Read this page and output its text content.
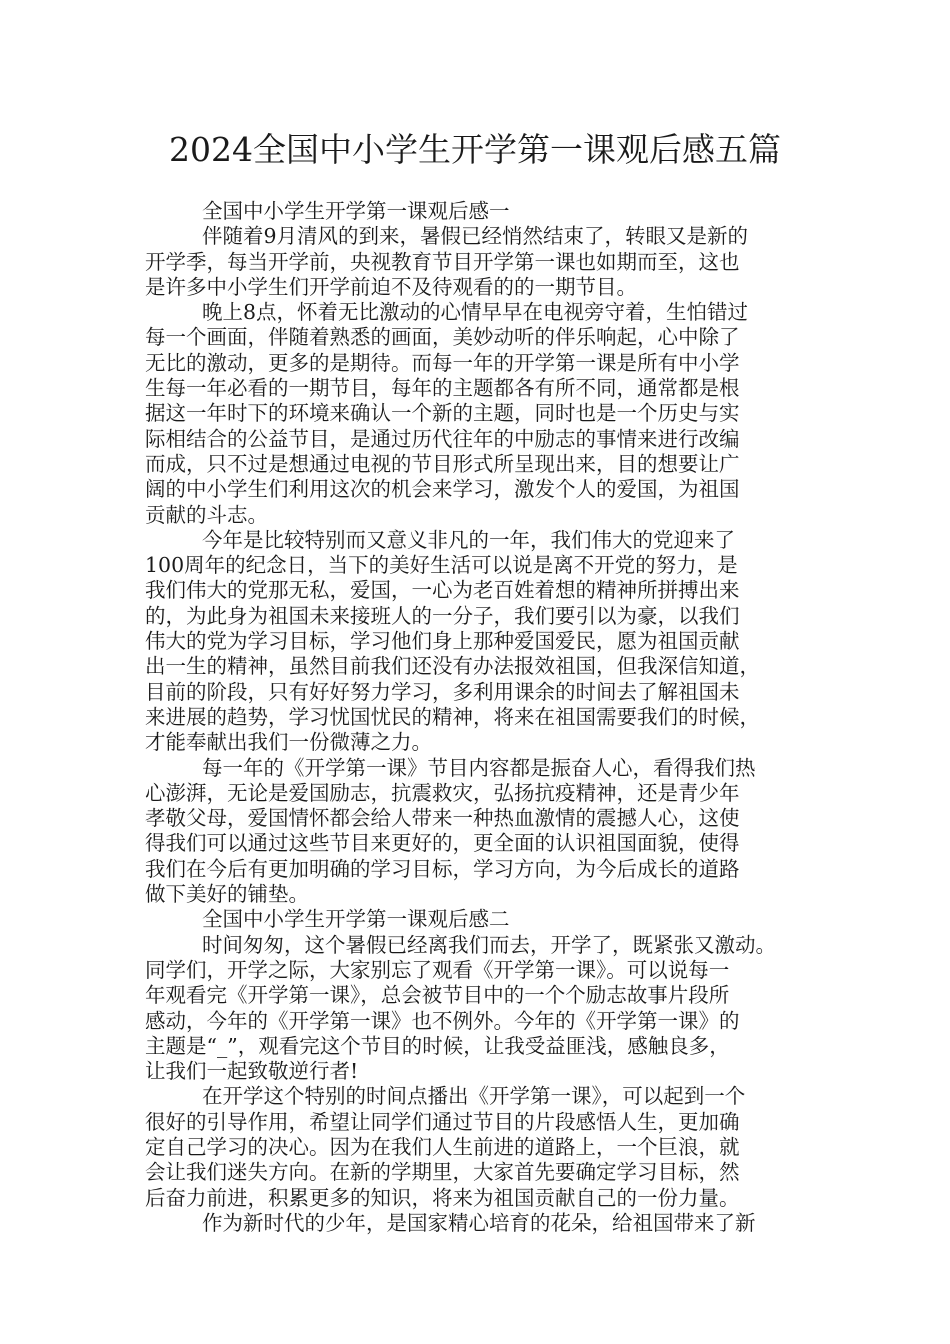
2024全国中小学生开学第一课观后感五篇
全国中小学生开学第一课观后感一
伴随着9月清风的到来，暑假已经悄然结束了，转眼又是新的
开学季，每当开学前，央视教育节目开学第一课也如期而至，这也
是许多中小学生们开学前迫不及待观看的的一期节目。
晚上8点，怀着无比激动的心情早早在电视旁守着，生怕错过
每一个画面，伴随着熟悉的画面，美妙动听的伴乐响起，心中除了
无比的激动，更多的是期待。而每一年的开学第一课是所有中小学
生每一年必看的一期节目，每年的主题都各有所不同，通常都是根
据这一年时下的环境来确认一个新的主题，同时也是一个历史与实
际相结合的公益节目，是通过历代往年的中励志的事情来进行改编
而成，只不过是想通过电视的节目形式所呈现出来，目的想要让广
阔的中小学生们利用这次的机会来学习，激发个人的爱国，为祖国
贡献的斗志。
今年是比较特别而又意义非凡的一年，我们伟大的党迎来了
100周年的纪念日，当下的美好生活可以说是离不开党的努力，是
我们伟大的党那无私，爱国，一心为老百姓着想的精神所拼搏出来
的，为此身为祖国未来接班人的一分子，我们要引以为豪，以我们
伟大的党为学习目标，学习他们身上那种爱国爱民，愿为祖国贡献
出一生的精神，虽然目前我们还没有办法报效祖国，但我深信知道，
目前的阶段，只有好好努力学习，多利用课余的时间去了解祖国未
来进展的趋势，学习忧国忧民的精神，将来在祖国需要我们的时候，
才能奉献出我们一份微薄之力。
每一年的《开学第一课》节目内容都是振奋人心，看得我们热
心澎湃，无论是爱国励志，抗震救灾，弘扬抗疫精神，还是青少年
孝敬父母，爱国情怀都会给人带来一种热血激情的震撼人心，这使
得我们可以通过这些节目来更好的，更全面的认识祖国面貌，使得
我们在今后有更加明确的学习目标，学习方向，为今后成长的道路
做下美好的铺垫。
全国中小学生开学第一课观后感二
时间匆匆，这个暑假已经离我们而去，开学了，既紧张又激动。
同学们，开学之际，大家别忘了观看《开学第一课》。可以说每一
年观看完《开学第一课》，总会被节目中的一个个励志故事片段所
感动，今年的《开学第一课》也不例外。今年的《开学第一课》的
主题是“_”，观看完这个节目的时候，让我受益匪浅，感触良多，
让我们一起致敬逆行者!
在开学这个特别的时间点播出《开学第一课》，可以起到一个
很好的引导作用，希望让同学们通过节目的片段感悟人生，更加确
定自己学习的决心。因为在我们人生前进的道路上，一个巨浪，就
会让我们迷失方向。在新的学期里，大家首先要确定学习目标，然
后奋力前进，积累更多的知识，将来为祖国贡献自己的一份力量。
作为新时代的少年，是国家精心培育的花朵，给祖国带来了新
